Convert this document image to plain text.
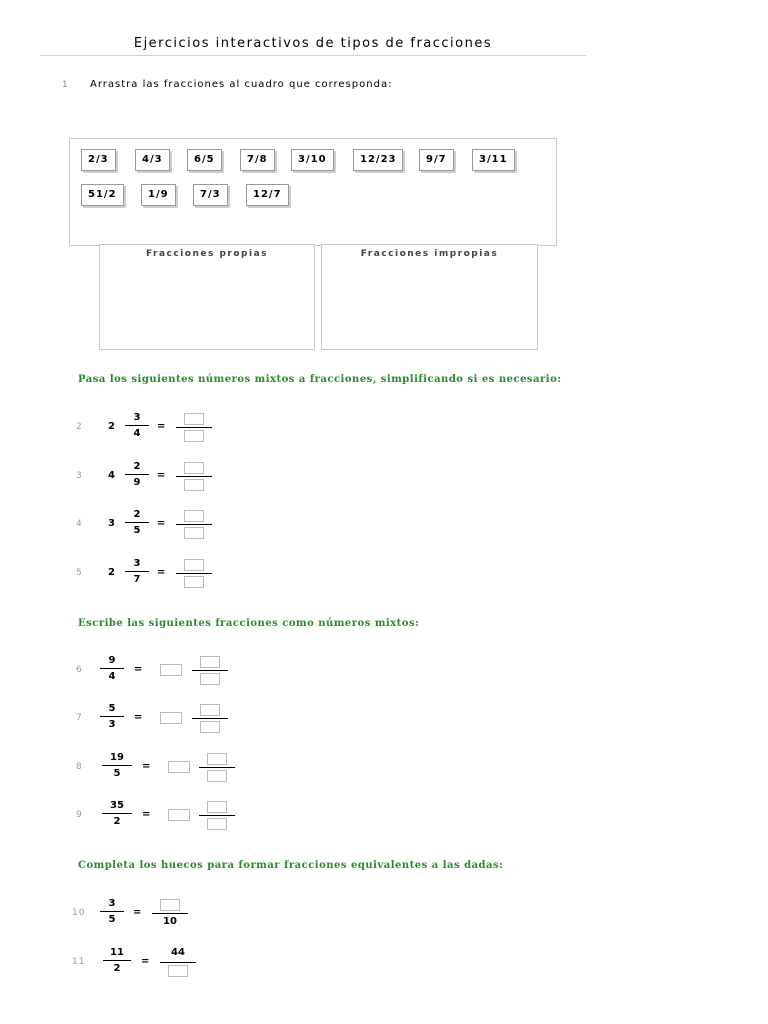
Ejercicios interactivos de tipos de fracciones
1 Arrastra las fracciones al cuadro que corresponda:
2/3	4/3	6/5	7/8	3/10	12/23	9/7	3/11
51/2	1/9	7/3	12/7
Fracciones propias	Fracciones impropias
Pasa los siguientes números mixtos a fracciones, simplificando si es necesario:
2	2
3
4
=
3	4
2
9
=
4	3
2
5
=
5	2
3
7
=
Escribe las siguientes fracciones como números mixtos:
6
9
4
=
7
5
3
=
8
19
5
=
9
35
2
=
Completa los huecos para formar fracciones equivalentes a las dadas:
10
3
5
=
10
11
11
2
=
44
